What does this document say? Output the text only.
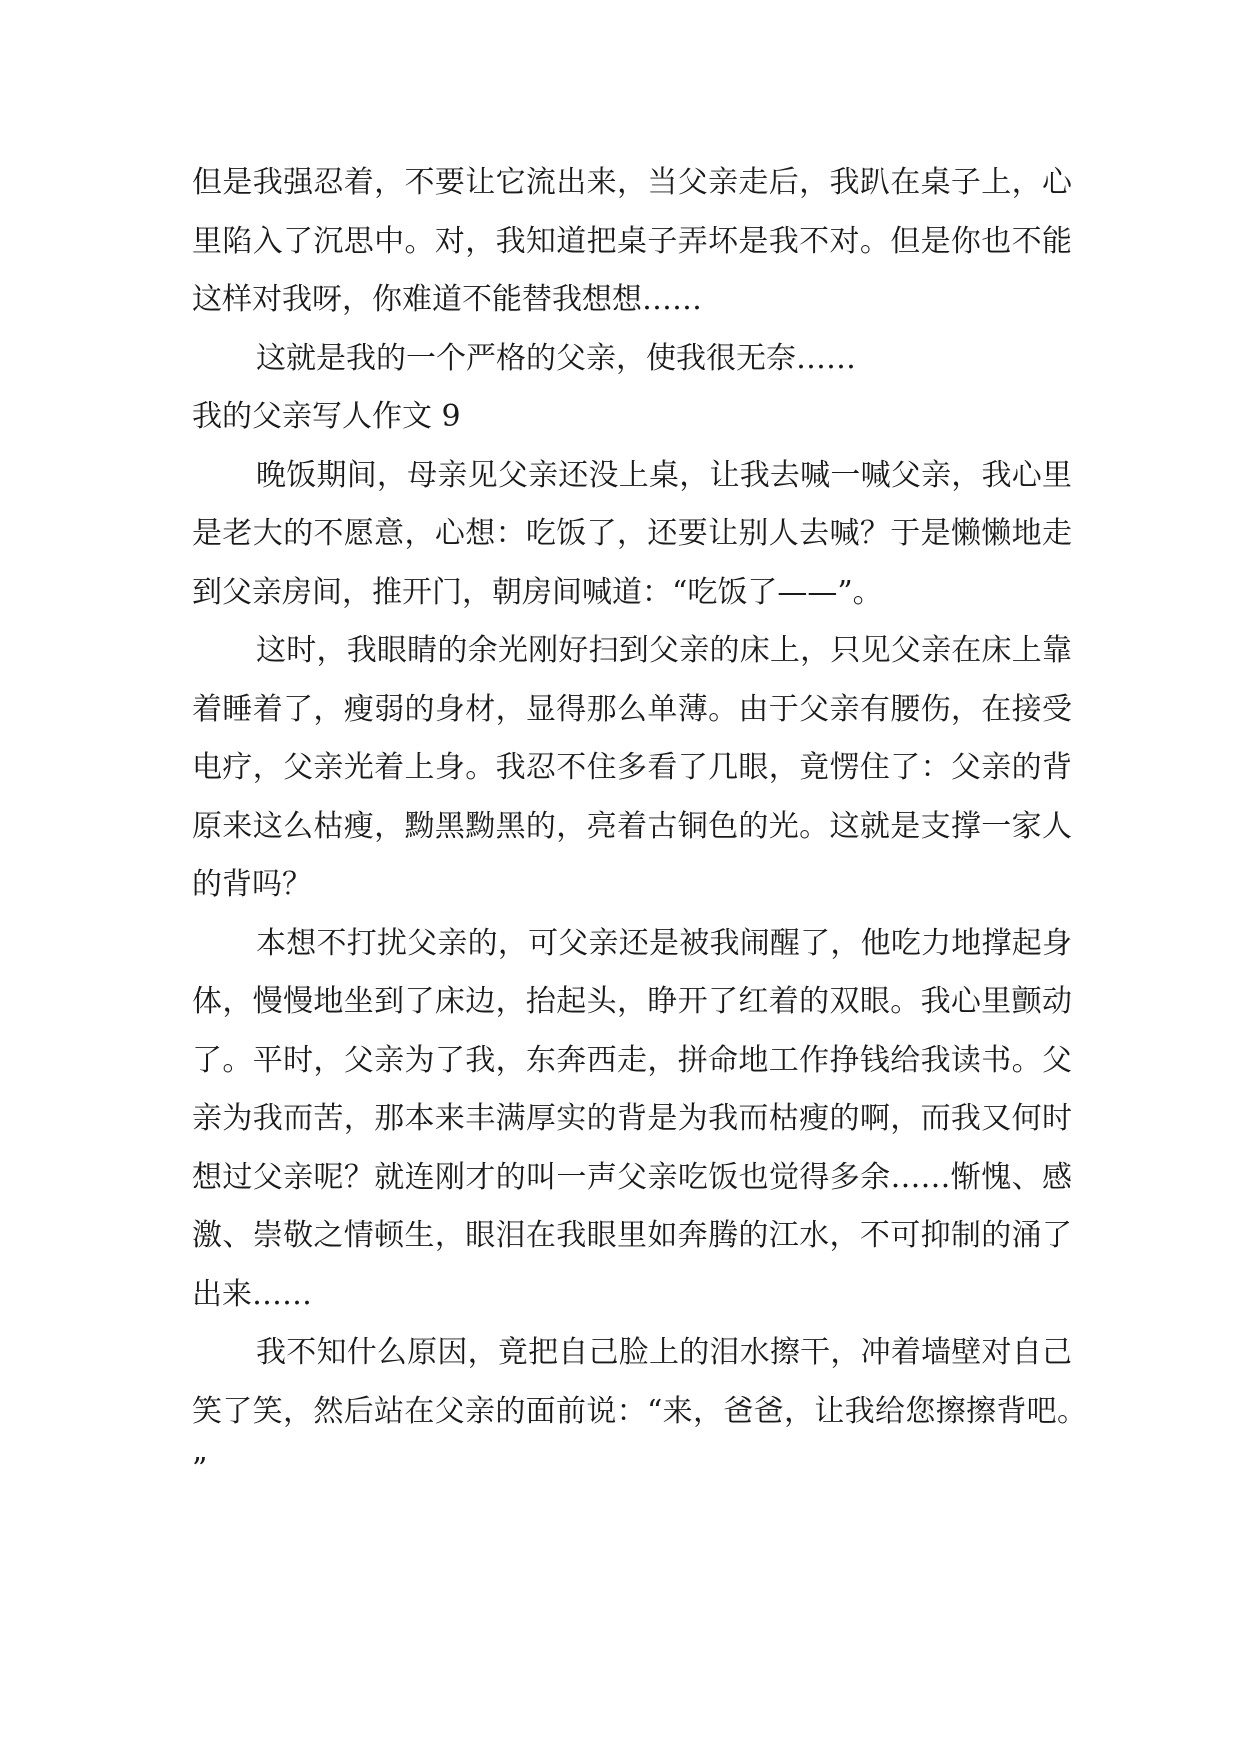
但是我强忍着，不要让它流出来，当父亲走后，我趴在桌子上，心里陷入了沉思中。对，我知道把桌子弄坏是我不对。但是你也不能这样对我呀，你难道不能替我想想……

这就是我的一个严格的父亲，使我很无奈……

我的父亲写人作文 9

晚饭期间，母亲见父亲还没上桌，让我去喊一喊父亲，我心里是老大的不愿意，心想：吃饭了，还要让别人去喊？于是懒懒地走到父亲房间，推开门，朝房间喊道：“吃饭了——”。

这时，我眼睛的余光刚好扫到父亲的床上，只见父亲在床上靠着睡着了，瘦弱的身材，显得那么单薄。由于父亲有腰伤，在接受电疗，父亲光着上身。我忍不住多看了几眼，竟愣住了：父亲的背原来这么枯瘦，黝黑黝黑的，亮着古铜色的光。这就是支撑一家人的背吗？

本想不打扰父亲的，可父亲还是被我闹醒了，他吃力地撑起身体，慢慢地坐到了床边，抬起头，睁开了红着的双眼。我心里颤动了。平时，父亲为了我，东奔西走，拼命地工作挣钱给我读书。父亲为我而苦，那本来丰满厚实的背是为我而枯瘦的啊，而我又何时想过父亲呢？就连刚才的叫一声父亲吃饭也觉得多余……惭愧、感激、崇敬之情顿生，眼泪在我眼里如奔腾的江水，不可抑制的涌了出来……

我不知什么原因，竟把自己脸上的泪水擦干，冲着墙壁对自己笑了笑，然后站在父亲的面前说：“来，爸爸，让我给您擦擦背吧。”
